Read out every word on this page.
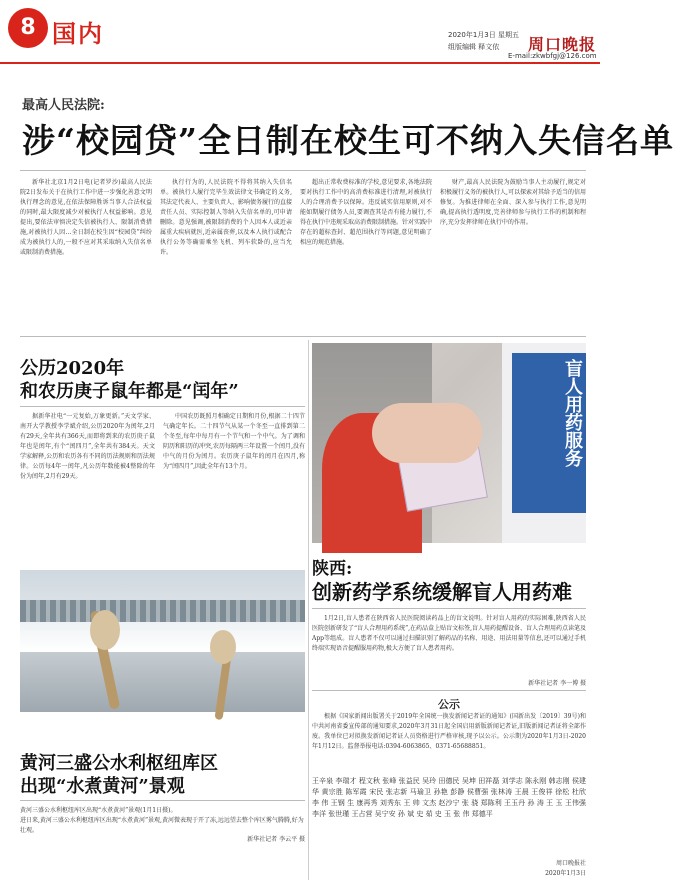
8 国内	2020年1月3日 星期五
组版编辑 释文依 周口晚报
E-mail:zkwbfgj@126.com
最高人民法院:
涉“校园贷”全日制在校生可不纳入失信名单

新华社北京1月2日电(记者罗沙)最高人民法院2日发布关于在执行工作中进一步强化善意文明执行理念的意见,在依法保障胜诉当事人合法权益的同时,最大限度减少对被执行人权益影响。意见提出,要依法审慎决定失信被执行人、限制消费措施,对被执行人因…全日制在校生因“校园贷”纠纷成为被执行人的,一般不应对其采取纳入失信名单或限制消费措施。

执行行为的,人民法院不得将其纳入失信名单。被执行人履行完毕生效法律文书确定的义务,其法定代表人、主要负责人、影响债务履行的直接责任人员、实际控制人等纳入失信名单的,可申请删除。意见强调,被限制消费的个人因本人或近亲属重大疾病就医,近亲属丧葬,以及本人执行或配合执行公务等确需乘坐飞机、列车软卧的,应当允许。

超出正常收费标准的学校,意见要求,各地法院要对执行工作中的高消费标准进行清理,对被执行人的合理消费予以保障。违反诚实信用原则,对不能如期履行债务人员,要调查其是否有能力履行,不得在执行中违规采取高消费限制措施。针对实践中存在的超标查封、超范围执行等问题,意见明确了相应的规范措施。

财产,最高人民法院为鼓励当事人主动履行,规定对积极履行义务的被执行人,可以探索对其给予适当的信用修复。为推进律师在全面、深入参与执行工作,意见明确,提高执行透明度,完善律师参与执行工作的机制和程序,充分发挥律师在执行中的作用。

公历2020年
和农历庚子鼠年都是“闰年”

据新华社电“一元复始,万象更新。”天文学家、南开大学教授李学斌介绍,公历2020年为闰年,2月有29天,全年共有366天,而即将到来的农历庚子鼠年也是闰年,有个“闰四月”,全年共有384天。天文学家解释,公历和农历各有不同的历法规则和历法规律。公历每4年一闰年,凡公历年数能被4整除的年份为闰年,2月有29天。

中国农历既照月相确定日期和月份,根据二十四节气确定年长。二十四节气从某一个冬至一直排到第二个冬至,每年中每月有一个节气和一个中气。为了调和阴历和阳历的冲突,农历每隔两三年设置一个闰月,没有中气的月份为闰月。农历庚子鼠年的闰月在四月,称为“闰四月”,因此全年有13个月。	盲人用药服务
陕西:
创新药学系统缓解盲人用药难

1月2日,盲人患者在陕西省人民医院阅读药品上的盲文说明。针对盲人用药的实际困难,陕西省人民医院创新研发了“盲人合理用药系统”,在药品盒上贴盲文标签,盲人用药提醒设备、盲人合理用药点读笔及App等组成。盲人患者不仅可以通过扫描识别了解药品的名称、用途、用法用量等信息,还可以通过手机终端实现语音提醒服用药物,极大方便了盲人患者用药。

新华社记者 李一博 摄
公示

根据《国家新闻出版署关于2019年全国统一换发新闻记者证的通知》(国新出发〔2019〕39号)和中共河南省委宣传部的通知要求,2020年3月31日起全国启用新版新闻记者证,旧版新闻记者证将全部作废。我单位已对拟换发新闻记者证人员资格进行严格审核,现予以公示。公示期为2020年1月3日-2020年1月12日。监督举报电话:0394-6063865、0371-65688851。

王辛泉 李瑞才 程文秋 张峰 张益民 吴玲 田德民 吴坤 田祥磊 刘学志 陈永刚 韩志刚 侯建华 黄宗胜 陈军霞 宋民 张志新 马瑜卫 孙艳 彭静 侯曹强 张林涛 王晨 王俊祥 徐松 杜欣 李 伟 王钢 生 康再秀 刘秀东 王 帅 文杰 赵沙宁 张 骁 郑陈利 王玉丹 孙 涛 王 玉 王伟强 李洋 张世瑾 王占营 吴宁安 孙 斌 史 茹 史 玉 张 伟 郑德平

周口晚报社
2020年1月3日
黄河三盛公水利枢纽库区
出现“水煮黄河”景观
黄河三盛公水利枢纽库区出现“水煮黄河”景观(1月1日摄)。
进日来,黄河三盛公水利枢纽库区出现“水煮黄河”景观,黄河微表现于开了冻,远远望去整个库区雾气腾腾,好为壮观。
新华社记者 李云平 摄
